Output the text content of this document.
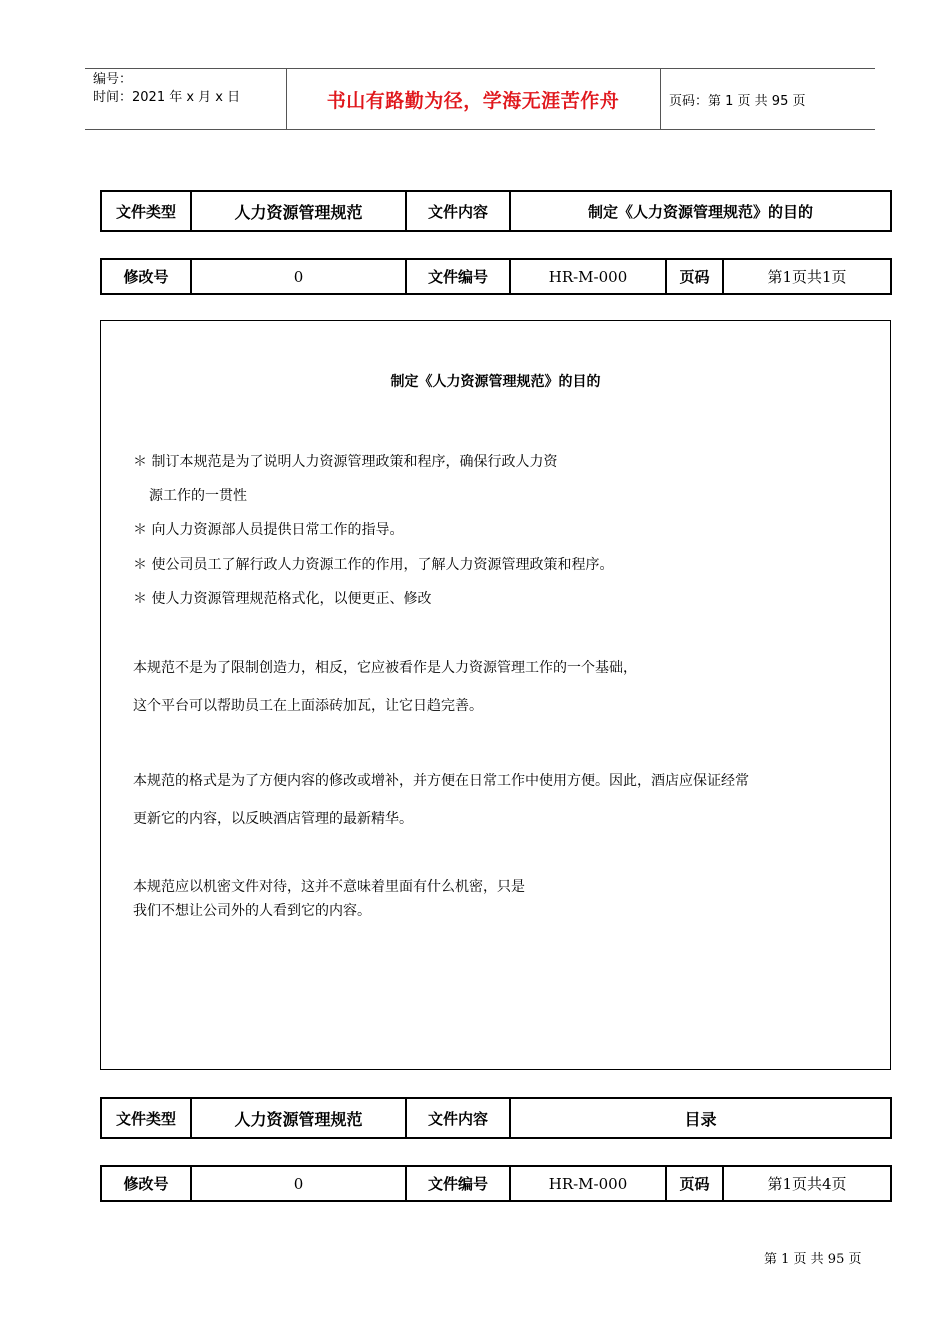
编号：
时间：2021 年 x 月 x 日	书山有路勤为径，学海无涯苦作舟	页码：第 1 页 共 95 页
文件类型	人力资源管理规范	文件内容	制定《人力资源管理规范》的目的
修改号	0	文件编号	HR-M-000	页码	第1页共1页
制定《人力资源管理规范》的目的
＊ 制订本规范是为了说明人力资源管理政策和程序，确保行政人力资
源工作的一贯性
＊ 向人力资源部人员提供日常工作的指导。
＊ 使公司员工了解行政人力资源工作的作用，了解人力资源管理政策和程序。
＊ 使人力资源管理规范格式化，以便更正、修改
本规范不是为了限制创造力，相反，它应被看作是人力资源管理工作的一个基础，
这个平台可以帮助员工在上面添砖加瓦，让它日趋完善。
本规范的格式是为了方便内容的修改或增补，并方便在日常工作中使用方便。因此，酒店应保证经常
更新它的内容，以反映酒店管理的最新精华。
本规范应以机密文件对待，这并不意味着里面有什么机密，只是
我们不想让公司外的人看到它的内容。
文件类型	人力资源管理规范	文件内容	目录
修改号	0	文件编号	HR-M-000	页码	第1页共4页
第 1 页 共 95 页
